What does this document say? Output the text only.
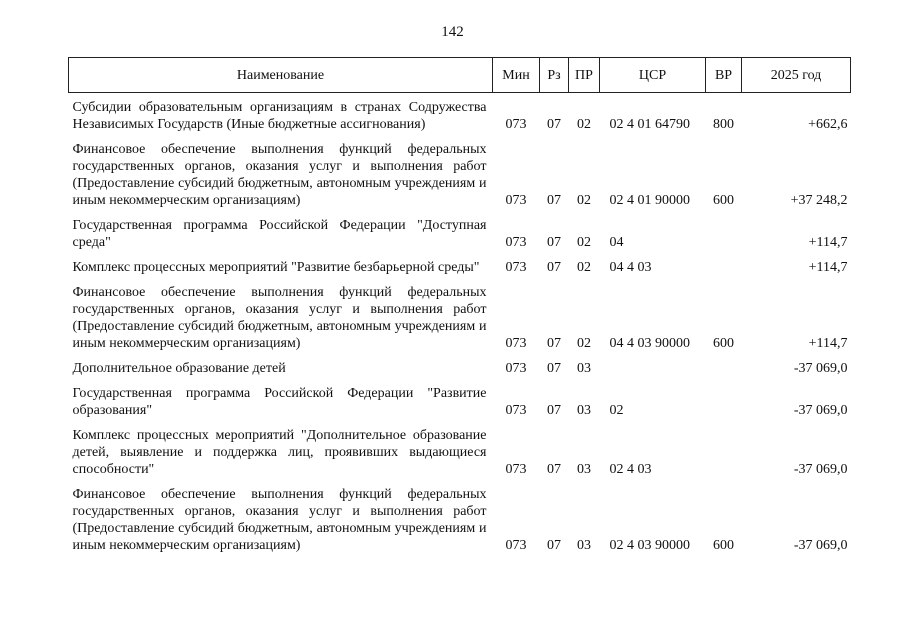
142
Наименование	Мин	Рз	ПР	ЦСР	ВР	2025 год
Субсидии образовательным организациям в странах Содружества Независимых Государств (Иные бюджетные ассигнования)	073	07	02	02 4 01 64790	800	+662,6
Финансовое обеспечение выполнения функций федеральных государственных органов, оказания услуг и выполнения работ (Предоставление субсидий бюджетным, автономным учреждениям и иным некоммерческим организациям)	073	07	02	02 4 01 90000	600	+37 248,2
Государственная программа Российской Федерации "Доступная среда"	073	07	02	04		+114,7
Комплекс процессных мероприятий "Развитие безбарьерной среды"	073	07	02	04 4 03		+114,7
Финансовое обеспечение выполнения функций федеральных государственных органов, оказания услуг и выполнения работ (Предоставление субсидий бюджетным, автономным учреждениям и иным некоммерческим организациям)	073	07	02	04 4 03 90000	600	+114,7
Дополнительное образование детей	073	07	03			-37 069,0
Государственная программа Российской Федерации "Развитие образования"	073	07	03	02		-37 069,0
Комплекс процессных мероприятий "Дополнительное образование детей, выявление и поддержка лиц, проявивших выдающиеся способности"	073	07	03	02 4 03		-37 069,0
Финансовое обеспечение выполнения функций федеральных государственных органов, оказания услуг и выполнения работ (Предоставление субсидий бюджетным, автономным учреждениям и иным некоммерческим организациям)	073	07	03	02 4 03 90000	600	-37 069,0
